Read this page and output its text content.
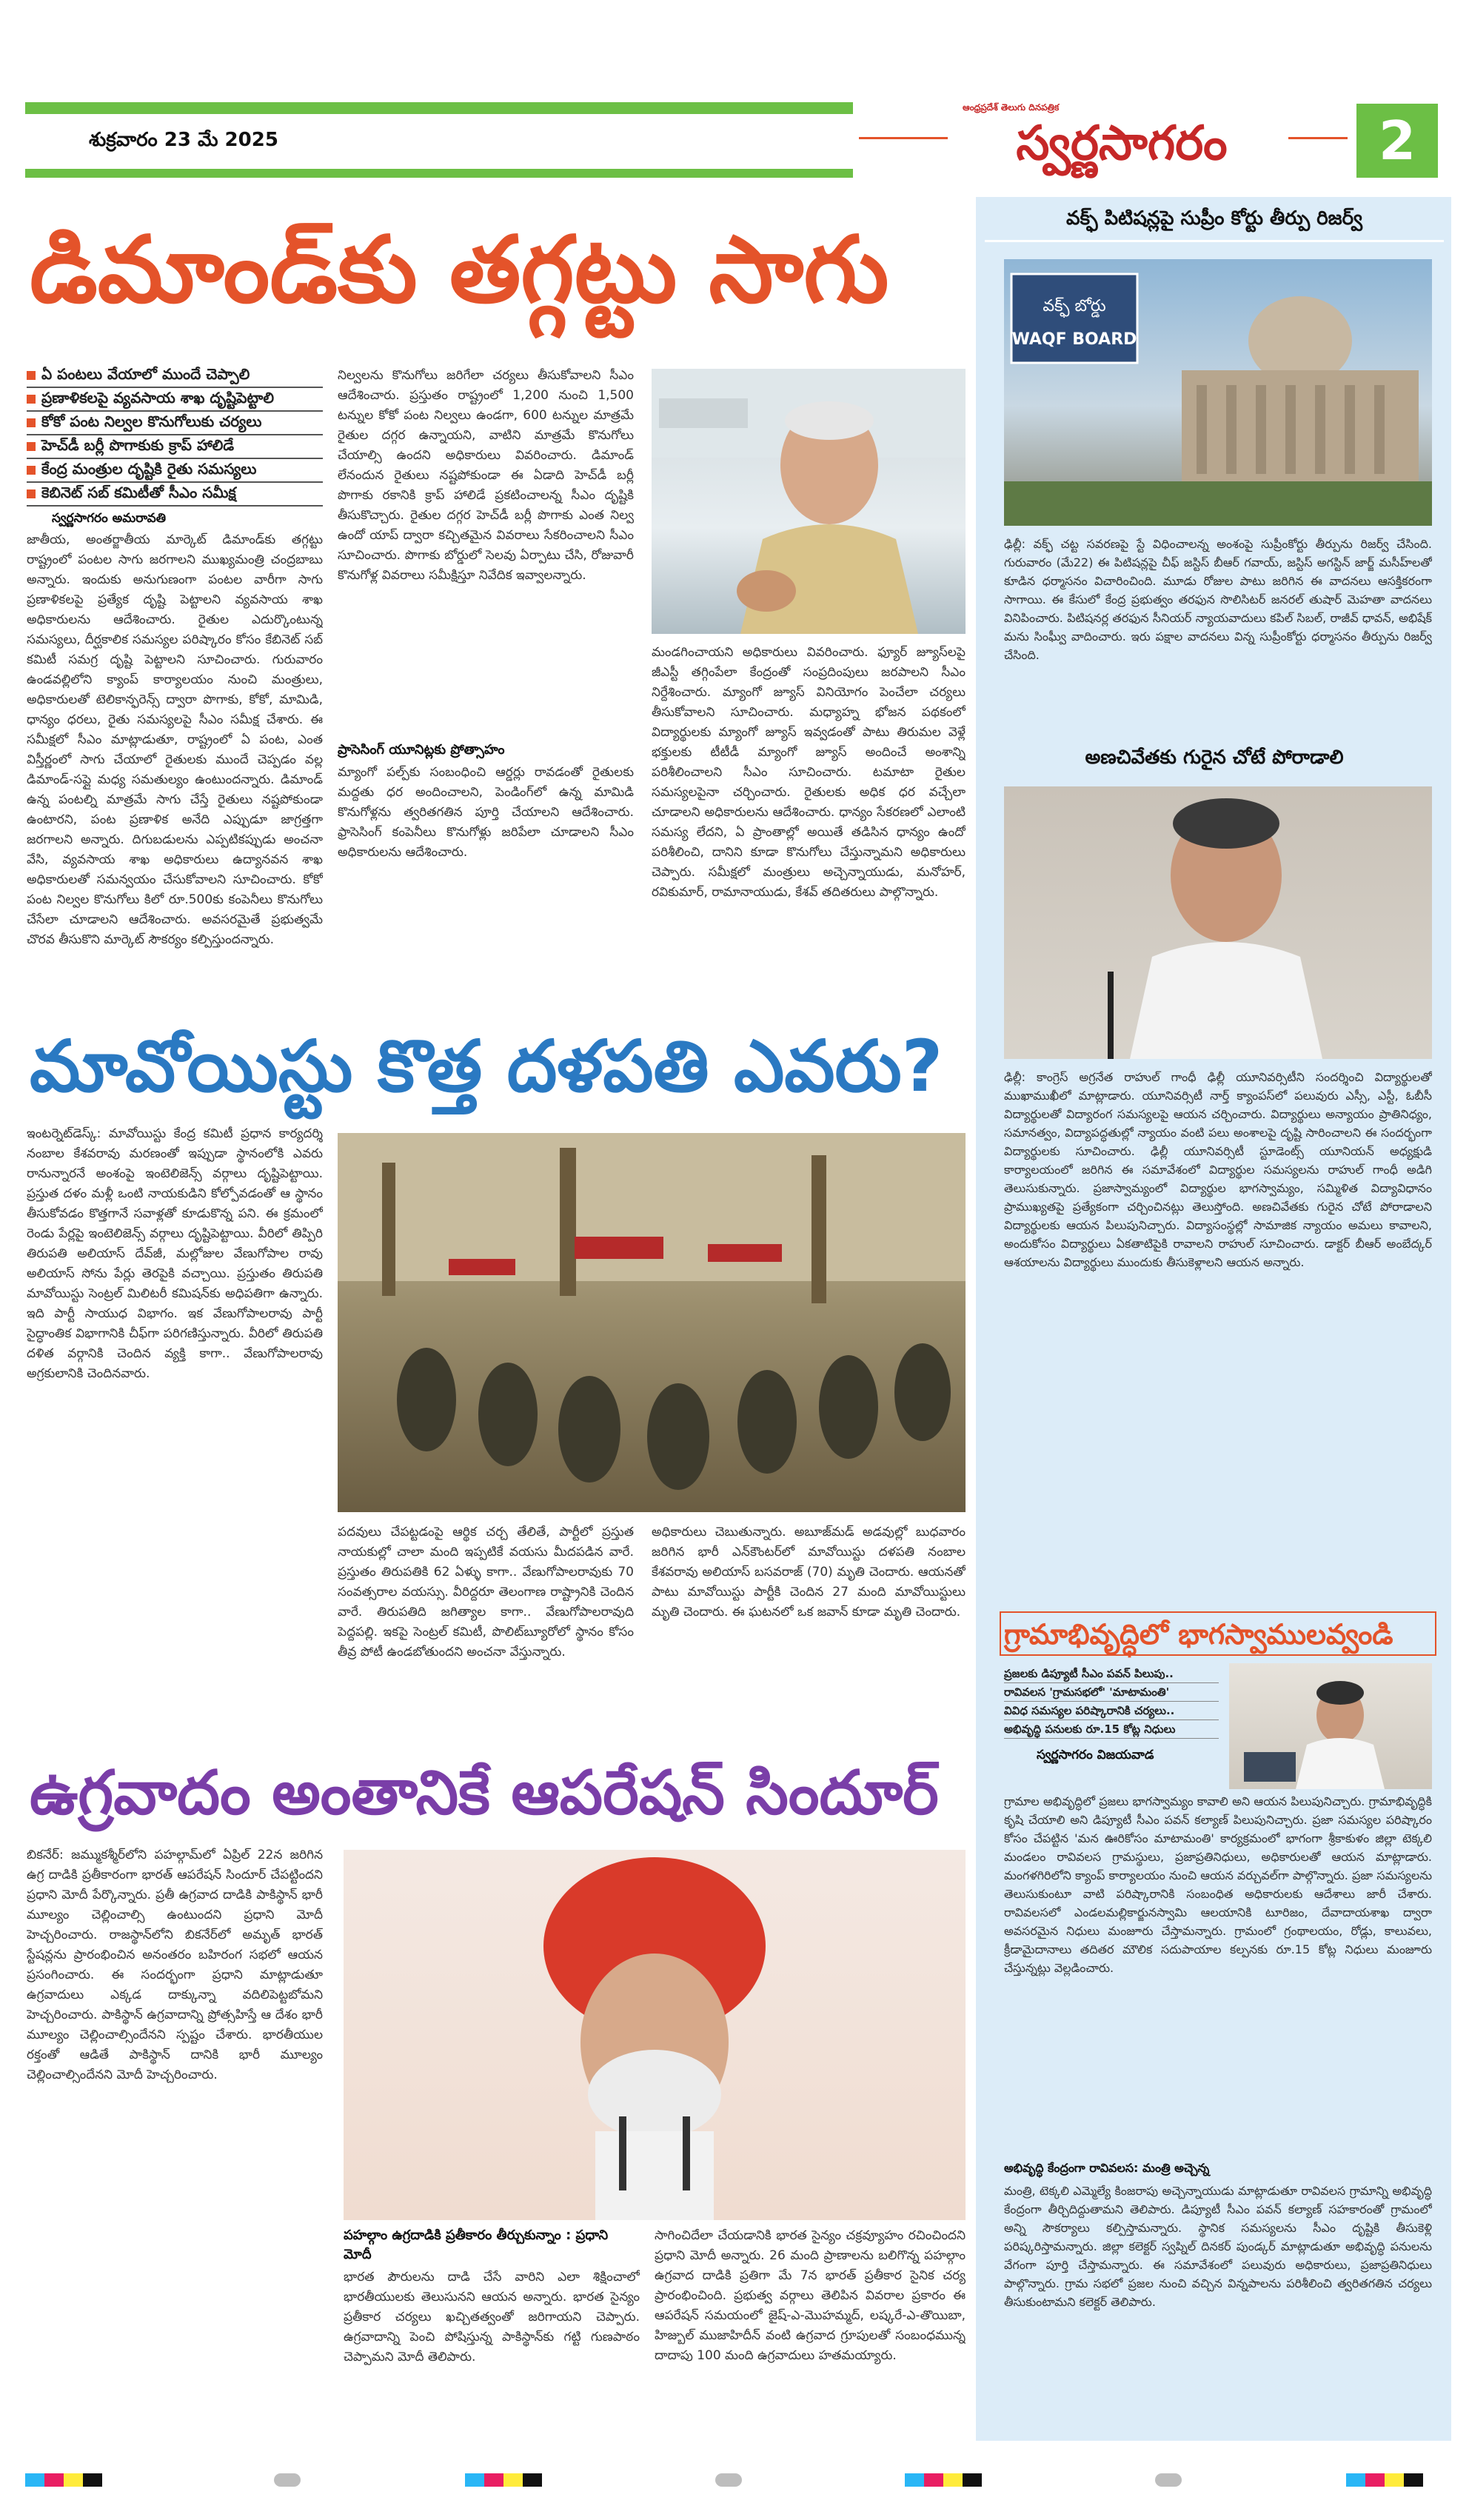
శుక్రవారం 23 మే 2025
ఆంధ్రప్రదేశ్ తెలుగు దినపత్రిక
స్వర్ణసాగరం	2
డిమాండ్‌కు తగ్గట్టు సాగు
ఏ పంటలు వేయాలో ముందే చెప్పాలి
ప్రణాళికలపై వ్యవసాయ శాఖ దృష్టిపెట్టాలి
కోకో పంట నిల్వల కొనుగోలుకు చర్యలు
హెచ్‌డీ బర్లీ పొగాకుకు క్రాప్ హాలిడే
కేంద్ర మంత్రుల దృష్టికి రైతు సమస్యలు
కెబినెట్ సబ్ కమిటీతో సీఎం సమీక్ష
స్వర్ణసాగరం అమరావతి
జాతీయ, అంతర్జాతీయ మార్కెట్ డిమాండ్‌కు తగ్గట్టు రాష్ట్రంలో పంటల సాగు జరగాలని ముఖ్యమంత్రి చంద్రబాబు అన్నారు. ఇందుకు అనుగుణంగా పంటల వారీగా సాగు ప్రణాళికలపై ప్రత్యేక దృష్టి పెట్టాలని వ్యవసాయ శాఖ అధికారులను ఆదేశించారు. రైతుల ఎదుర్కొంటున్న సమస్యలు, దీర్ఘకాలిక సమస్యల పరిష్కారం కోసం కేబినెట్ సబ్ కమిటీ సమగ్ర దృష్టి పెట్టాలని సూచించారు. గురువారం ఉండవల్లిలోని క్యాంప్ కార్యాలయం నుంచి మంత్రులు, అధికారులతో టెలికాన్ఫరెన్స్ ద్వారా పొగాకు, కోకో, మామిడి, ధాన్యం ధరలు, రైతు సమస్యలపై సీఎం సమీక్ష చేశారు. ఈ సమీక్షలో సీఎం మాట్లాడుతూ, రాష్ట్రంలో ఏ పంట, ఎంత విస్తీర్ణంలో సాగు చేయాలో రైతులకు ముందే చెప్పడం వల్ల డిమాండ్-సప్లై మధ్య సమతుల్యం ఉంటుందన్నారు. డిమాండ్ ఉన్న పంటల్ని మాత్రమే సాగు చేస్తే రైతులు నష్టపోకుండా ఉంటారని, పంట ప్రణాళిక అనేది ఎప్పుడూ జాగ్రత్తగా జరగాలని అన్నారు. దిగుబడులను ఎప్పటికప్పుడు అంచనా వేసి, వ్యవసాయ శాఖ అధికారులు ఉద్యానవన శాఖ అధికారులతో సమన్వయం చేసుకోవాలని సూచించారు. కోకో పంట నిల్వల కొనుగోలు కిలో రూ.500కు కంపెనీలు కొనుగోలు చేసేలా చూడాలని ఆదేశించారు. అవసరమైతే ప్రభుత్వమే చొరవ తీసుకొని మార్కెట్ సౌకర్యం కల్పిస్తుందన్నారు.
నిల్వలను కొనుగోలు జరిగేలా చర్యలు తీసుకోవాలని సీఎం ఆదేశించారు. ప్రస్తుతం రాష్ట్రంలో 1,200 నుంచి 1,500 టన్నుల కోకో పంట నిల్వలు ఉండగా, 600 టన్నుల మాత్రమే రైతుల దగ్గర ఉన్నాయని, వాటిని మాత్రమే కొనుగోలు చేయాల్సి ఉందని అధికారులు వివరించారు. డిమాండ్ లేనందున రైతులు నష్టపోకుండా ఈ ఏడాది హెచ్‌డీ బర్లీ పొగాకు రకానికి క్రాప్ హాలిడే ప్రకటించాలన్న సీఎం దృష్టికి తీసుకొచ్చారు. రైతుల దగ్గర హెచ్‌డీ బర్లీ పొగాకు ఎంత నిల్వ ఉందో యాప్ ద్వారా కచ్చితమైన వివరాలు సేకరించాలని సీఎం సూచించారు. పొగాకు బోర్డులో సెలవు ఏర్పాటు చేసి, రోజువారీ కొనుగోళ్ల వివరాలు సమీక్షిస్తూ నివేదిక ఇవ్వాలన్నారు.
ప్రాసెసింగ్ యూనిట్లకు ప్రోత్సాహం
మ్యాంగో పల్ప్‌కు సంబంధించి ఆర్డర్లు రావడంతో రైతులకు మద్దతు ధర అందించాలని, పెండింగ్‌లో ఉన్న మామిడి కొనుగోళ్లను త్వరితగతిన పూర్తి చేయాలని ఆదేశించారు. ఫ్రాసెసింగ్ కంపెనీలు కొనుగోళ్లు జరిపేలా చూడాలని సీఎం అధికారులను ఆదేశించారు.
మండగించాయని అధికారులు వివరించారు. ఫ్యూర్ జ్యూస్‌లపై జీఎస్టీ తగ్గింపేలా కేంద్రంతో సంప్రదింపులు జరపాలని సీఎం నిర్దేశించారు. మ్యాంగో జ్యూస్ వినియోగం పెంచేలా చర్యలు తీసుకోవాలని సూచించారు. మధ్యాహ్న భోజన పథకంలో విద్యార్థులకు మ్యాంగో జ్యూస్ ఇవ్వడంతో పాటు తిరుమల వెళ్లే భక్తులకు టీటీడీ మ్యాంగో జ్యూస్ అందించే అంశాన్ని పరిశీలించాలని సీఎం సూచించారు. టమాటా రైతుల సమస్యలపైనా చర్చించారు. రైతులకు అధిక ధర వచ్చేలా చూడాలని అధికారులను ఆదేశించారు. ధాన్యం సేకరణలో ఎలాంటి సమస్య లేదని, ఏ ప్రాంతాల్లో అయితే తడిసిన ధాన్యం ఉందో పరిశీలించి, దానిని కూడా కొనుగోలు చేస్తున్నామని అధికారులు చెప్పారు. సమీక్షలో మంత్రులు అచ్చెన్నాయుడు, మనోహర్, రవికుమార్, రామానాయుడు, కేశవ్ తదితరులు పాల్గొన్నారు.
మావోయిస్టు కొత్త దళపతి ఎవరు?
ఇంటర్నెట్‌డెస్క్: మావోయిస్టు కేంద్ర కమిటీ ప్రధాన కార్యదర్శి నంబాల కేశవరావు మరణంతో ఇప్పుడా స్థానంలోకి ఎవరు రానున్నారనే అంశంపై ఇంటెలిజెన్స్ వర్గాలు దృష్టిపెట్టాయి. ప్రస్తుత దళం మళ్లీ ఒంటి నాయకుడిని కోల్పోవడంతో ఆ స్థానం తీసుకోవడం కొత్తగానే సవాళ్లతో కూడుకొన్న పని. ఈ క్రమంలో రెండు పేర్లపై ఇంటెలిజెన్స్ వర్గాలు దృష్టిపెట్టాయి. వీరిలో తిప్పిరి తిరుపతి అలియాస్ దేవ్‌జీ, మల్లోజుల వేణుగోపాల రావు అలియాస్ సోను పేర్లు తెరపైకి వచ్చాయి. ప్రస్తుతం తిరుపతి మావోయిస్టు సెంట్రల్ మిలిటరీ కమిషన్‌కు అధిపతిగా ఉన్నారు. ఇది పార్టీ సాయుధ విభాగం. ఇక వేణుగోపాలరావు పార్టీ సైద్ధాంతిక విభాగానికి చీఫ్‌గా పరిగణిస్తున్నారు. వీరిలో తిరుపతి దళిత వర్గానికి చెందిన వ్యక్తి కాగా.. వేణుగోపాలరావు అగ్రకులానికి చెందినవారు.
పదవులు చేపట్టడంపై ఆర్థిక చర్చ తేలితే, పార్టీలో ప్రస్తుత నాయకుల్లో చాలా మంది ఇప్పటికే వయసు మీదపడిన వారే. ప్రస్తుతం తిరుపతికి 62 ఏళ్ళు కాగా.. వేణుగోపాలరావుకు 70 సంవత్సరాల వయస్సు. వీరిద్దరూ తెలంగాణ రాష్ట్రానికి చెందిన వారే. తిరుపతిది జగిత్యాల కాగా.. వేణుగోపాలరావుది పెద్దపల్లి. ఇకపై సెంట్రల్ కమిటీ, పొలిట్‌బ్యూరోలో స్థానం కోసం తీవ్ర పోటీ ఉండబోతుందని అంచనా వేస్తున్నారు.
అధికారులు చెబుతున్నారు. అబూజ్‌మడ్ అడవుల్లో బుధవారం జరిగిన భారీ ఎన్‌కౌంటర్‌లో మావోయిస్టు దళపతి నంబాల కేశవరావు అలియాస్ బసవరాజ్ (70) మృతి చెందారు. ఆయనతో పాటు మావోయిస్టు పార్టీకి చెందిన 27 మంది మావోయిస్టులు మృతి చెందారు. ఈ ఘటనలో ఒక జవాన్ కూడా మృతి చెందారు.
ఉగ్రవాదం అంతానికే ఆపరేషన్ సిందూర్
బికనేర్: జమ్ముకశ్మీర్‌లోని పహల్గామ్‌లో ఏప్రిల్ 22న జరిగిన ఉగ్ర దాడికి ప్రతీకారంగా భారత్ ఆపరేషన్ సిందూర్ చేపట్టిందని ప్రధాని మోదీ పేర్కొన్నారు. ప్రతీ ఉగ్రవాద దాడికి పాకిస్థాన్ భారీ మూల్యం చెల్లించాల్సి ఉంటుందని ప్రధాని మోదీ హెచ్చరించారు. రాజస్థాన్‌లోని బికనేర్‌లో అమృత్ భారత్ స్టేషన్లను ప్రారంభించిన అనంతరం బహిరంగ సభలో ఆయన ప్రసంగించారు. ఈ సందర్భంగా ప్రధాని మాట్లాడుతూ ఉగ్రవాదులు ఎక్కడ దాక్కున్నా వదిలిపెట్టబోమని హెచ్చరించారు. పాకిస్థాన్ ఉగ్రవాదాన్ని ప్రోత్సహిస్తే ఆ దేశం భారీ మూల్యం చెల్లించాల్సిందేనని స్పష్టం చేశారు. భారతీయుల రక్తంతో ఆడితే పాకిస్థాన్ దానికి భారీ మూల్యం చెల్లించాల్సిందేనని మోదీ హెచ్చరించారు.
పహల్గాం ఉగ్రదాడికి ప్రతీకారం తీర్చుకున్నాం : ప్రధాని మోదీ
భారత పౌరులను దాడి చేసే వారిని ఎలా శిక్షించాలో భారతీయులకు తెలుసునని ఆయన అన్నారు. భారత సైన్యం ప్రతీకార చర్యలు ఖచ్చితత్వంతో జరిగాయని చెప్పారు. ఉగ్రవాదాన్ని పెంచి పోషిస్తున్న పాకిస్థాన్‌కు గట్టి గుణపాఠం చెప్పామని మోదీ తెలిపారు.
సాగించిదేలా చేయడానికి భారత సైన్యం చక్రవ్యూహం రచించిందని ప్రధాని మోదీ అన్నారు. 26 మంది ప్రాణాలను బలిగొన్న పహల్గాం ఉగ్రవాద దాడికి ప్రతిగా మే 7న భారత్ ప్రతీకార సైనిక చర్య ప్రారంభించింది. ప్రభుత్వ వర్గాలు తెలిపిన వివరాల ప్రకారం ఈ ఆపరేషన్ సమయంలో జైష్-ఎ-మొహమ్మద్, లష్కరే-ఎ-తొయిబా, హిజ్బుల్ ముజాహిదీన్ వంటి ఉగ్రవాద గ్రూపులతో సంబంధమున్న దాదాపు 100 మంది ఉగ్రవాదులు హతమయ్యారు.
వక్ఫ్ పిటిషన్లపై సుప్రీం కోర్టు తీర్పు రిజర్వ్
వక్ఫ్ బోర్డు
WAQF BOARD
ఢిల్లీ: వక్ఫ్ చట్ట సవరణపై స్టే విధించాలన్న అంశంపై సుప్రీంకోర్టు తీర్పును రిజర్వ్ చేసింది. గురువారం (మే22) ఈ పిటిషన్లపై చీఫ్ జస్టిస్ బీఆర్ గవాయ్, జస్టిస్ అగస్టిన్ జార్జ్ మసీహ్‌లతో కూడిన ధర్మాసనం విచారించింది. మూడు రోజుల పాటు జరిగిన ఈ వాదనలు ఆసక్తికరంగా సాగాయి. ఈ కేసులో కేంద్ర ప్రభుత్వం తరఫున సొలిసిటర్ జనరల్ తుషార్ మెహతా వాదనలు వినిపించారు. పిటిషనర్ల తరఫున సీనియర్ న్యాయవాదులు కపిల్ సిబల్, రాజీవ్ ధావన్, అభిషేక్ మను సింఘ్వీ వాదించారు. ఇరు పక్షాల వాదనలు విన్న సుప్రీంకోర్టు ధర్మాసనం తీర్పును రిజర్వ్ చేసింది.
అణచివేతకు గురైన చోటే పోరాడాలి
ఢిల్లీ: కాంగ్రెస్ అగ్రనేత రాహుల్ గాంధీ ఢిల్లీ యూనివర్సిటీని సందర్శించి విద్యార్థులతో ముఖాముఖీలో మాట్లాడారు. యూనివర్సిటీ నార్త్ క్యాంపస్‌లో పలువురు ఎస్సీ, ఎస్టీ, ఓబీసీ విద్యార్థులతో విద్యారంగ సమస్యలపై ఆయన చర్చించారు. విద్యార్థులు అన్యాయం ప్రాతినిధ్యం, సమానత్వం, విద్యాపద్ధతుల్లో న్యాయం వంటి పలు అంశాలపై దృష్టి సారించాలని ఈ సందర్భంగా విద్యార్థులకు సూచించారు. ఢిల్లీ యూనివర్సిటీ స్టూడెంట్స్ యూనియన్ అధ్యక్షుడి కార్యాలయంలో జరిగిన ఈ సమావేశంలో విద్యార్థుల సమస్యలను రాహుల్ గాంధీ అడిగి తెలుసుకున్నారు. ప్రజాస్వామ్యంలో విద్యార్థుల భాగస్వామ్యం, సమ్మిళిత విద్యావిధానం ప్రాముఖ్యతపై ప్రత్యేకంగా చర్చించినట్లు తెలుస్తోంది. అణచివేతకు గురైన చోటే పోరాడాలని విద్యార్థులకు ఆయన పిలుపునిచ్చారు. విద్యాసంస్థల్లో సామాజిక న్యాయం అమలు కావాలని, అందుకోసం విద్యార్థులు ఏకతాటిపైకి రావాలని రాహుల్ సూచించారు. డాక్టర్ బీఆర్ అంబేద్కర్ ఆశయాలను విద్యార్థులు ముందుకు తీసుకెళ్లాలని ఆయన అన్నారు.
గ్రామాభివృద్ధిలో భాగస్వాములవ్వండి
ప్రజలకు డిప్యూటీ సీఎం పవన్ పిలుపు..
రావివలస 'గ్రామసభలో' 'మాటామంతి'
వివిధ సమస్యల పరిష్కారానికి చర్యలు..
అభివృద్ధి పనులకు రూ.15 కోట్ల నిధులు
స్వర్ణసాగరం విజయవాడ
గ్రామాల అభివృద్ధిలో ప్రజలు భాగస్వామ్యం కావాలి అని ఆయన పిలుపునిచ్చారు. గ్రామాభివృద్ధికి కృషి చేయాలి అని డిప్యూటీ సీఎం పవన్ కల్యాణ్ పిలుపునిచ్చారు. ప్రజా సమస్యల పరిష్కారం కోసం చేపట్టిన 'మన ఊరికోసం మాటామంతి' కార్యక్రమంలో భాగంగా శ్రీకాకుళం జిల్లా టెక్కలి మండలం రావివలస గ్రామస్థులు, ప్రజాప్రతినిధులు, అధికారులతో ఆయన మాట్లాడారు. మంగళగిరిలోని క్యాంప్ కార్యాలయం నుంచి ఆయన వర్చువల్‌గా పాల్గొన్నారు. ప్రజా సమస్యలను తెలుసుకుంటూ వాటి పరిష్కారానికి సంబంధిత అధికారులకు ఆదేశాలు జారీ చేశారు. రావివలసలో ఎండలమల్లికార్జునస్వామి ఆలయానికి టూరిజం, దేవాదాయశాఖ ద్వారా అవసరమైన నిధులు మంజూరు చేస్తామన్నారు. గ్రామంలో గ్రంథాలయం, రోడ్లు, కాలువలు, క్రీడామైదానాలు తదితర మౌలిక సదుపాయాల కల్పనకు రూ.15 కోట్ల నిధులు మంజూరు చేస్తున్నట్లు వెల్లడించారు.
అభివృద్ధి కేంద్రంగా రావివలస: మంత్రి అచ్చెన్న
మంత్రి, టెక్కలి ఎమ్మెల్యే కింజరాపు అచ్చెన్నాయుడు మాట్లాడుతూ రావివలస గ్రామాన్ని అభివృద్ధి కేంద్రంగా తీర్చిదిద్దుతామని తెలిపారు. డిప్యూటీ సీఎం పవన్ కల్యాణ్ సహకారంతో గ్రామంలో అన్ని సౌకర్యాలు కల్పిస్తామన్నారు. స్థానిక సమస్యలను సీఎం దృష్టికి తీసుకెళ్లి పరిష్కరిస్తామన్నారు. జిల్లా కలెక్టర్ స్వప్నిల్ దినకర్ పుండ్కర్ మాట్లాడుతూ అభివృద్ధి పనులను వేగంగా పూర్తి చేస్తామన్నారు. ఈ సమావేశంలో పలువురు అధికారులు, ప్రజాప్రతినిధులు పాల్గొన్నారు. గ్రామ సభలో ప్రజల నుంచి వచ్చిన విన్నపాలను పరిశీలించి త్వరితగతిన చర్యలు తీసుకుంటామని కలెక్టర్ తెలిపారు.
